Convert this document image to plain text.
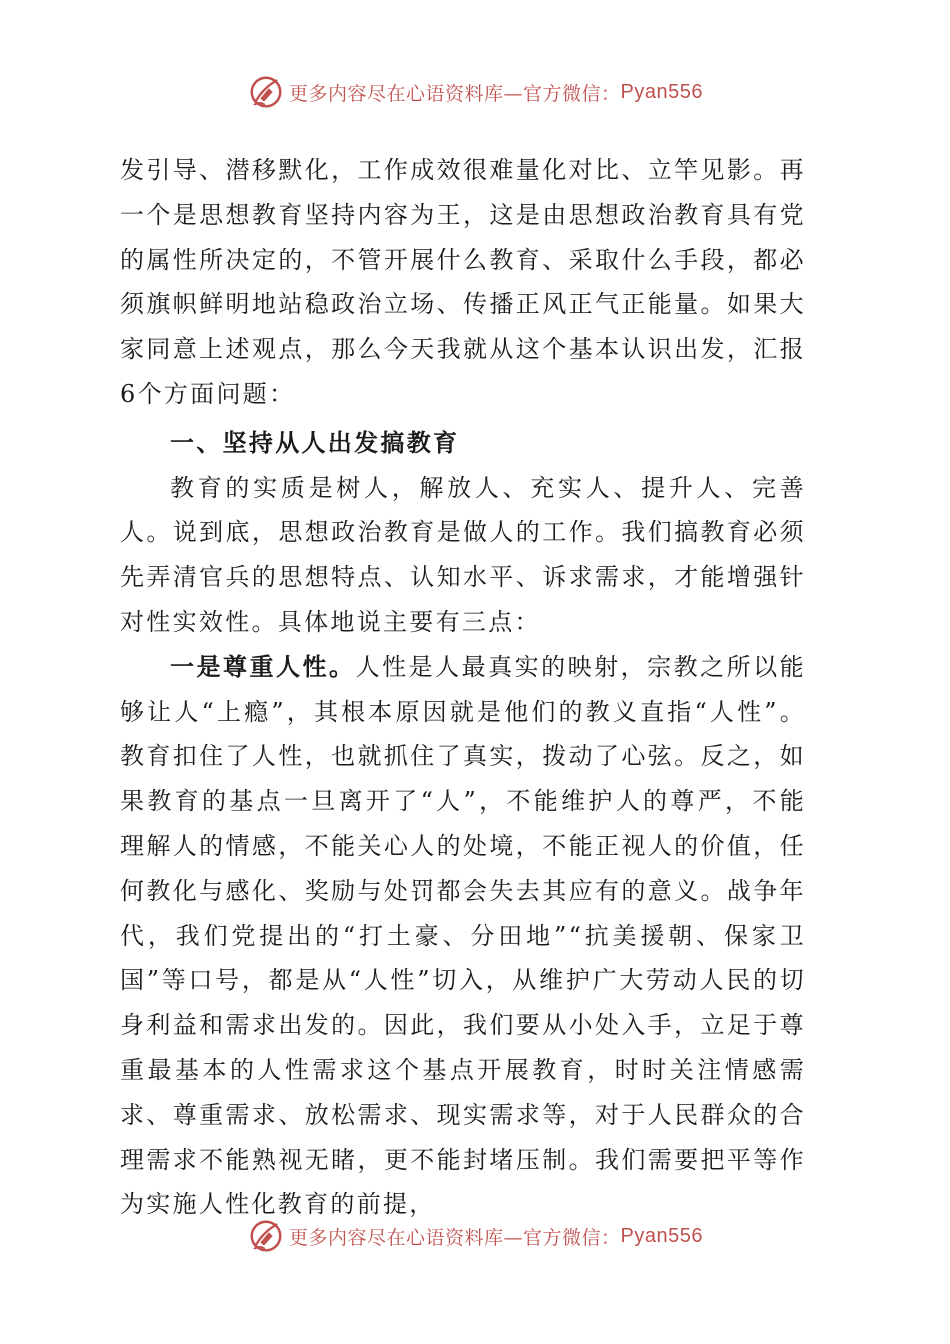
更多内容尽在心语资料库—官方微信： Pyan556

发引导、潜移默化，工作成效很难量化对比、立竿见影。再一个是思想教育坚持内容为王，这是由思想政治教育具有党的属性所决定的，不管开展什么教育、采取什么手段，都必须旗帜鲜明地站稳政治立场、传播正风正气正能量。如果大家同意上述观点，那么今天我就从这个基本认识出发，汇报6个方面问题：

一、坚持从人出发搞教育

教育的实质是树人，解放人、充实人、提升人、完善人。说到底，思想政治教育是做人的工作。我们搞教育必须先弄清官兵的思想特点、认知水平、诉求需求，才能增强针对性实效性。具体地说主要有三点：

一是尊重人性。人性是人最真实的映射，宗教之所以能够让人“上瘾”，其根本原因就是他们的教义直指“人性”。教育扣住了人性，也就抓住了真实，拨动了心弦。反之，如果教育的基点一旦离开了“人”，不能维护人的尊严，不能理解人的情感，不能关心人的处境，不能正视人的价值，任何教化与感化、奖励与处罚都会失去其应有的意义。战争年代，我们党提出的“打土豪、分田地”“抗美援朝、保家卫国”等口号，都是从“人性”切入，从维护广大劳动人民的切身利益和需求出发的。因此，我们要从小处入手，立足于尊重最基本的人性需求这个基点开展教育，时时关注情感需求、尊重需求、放松需求、现实需求等，对于人民群众的合理需求不能熟视无睹，更不能封堵压制。我们需要把平等作为实施人性化教育的前提，

更多内容尽在心语资料库—官方微信： Pyan556
